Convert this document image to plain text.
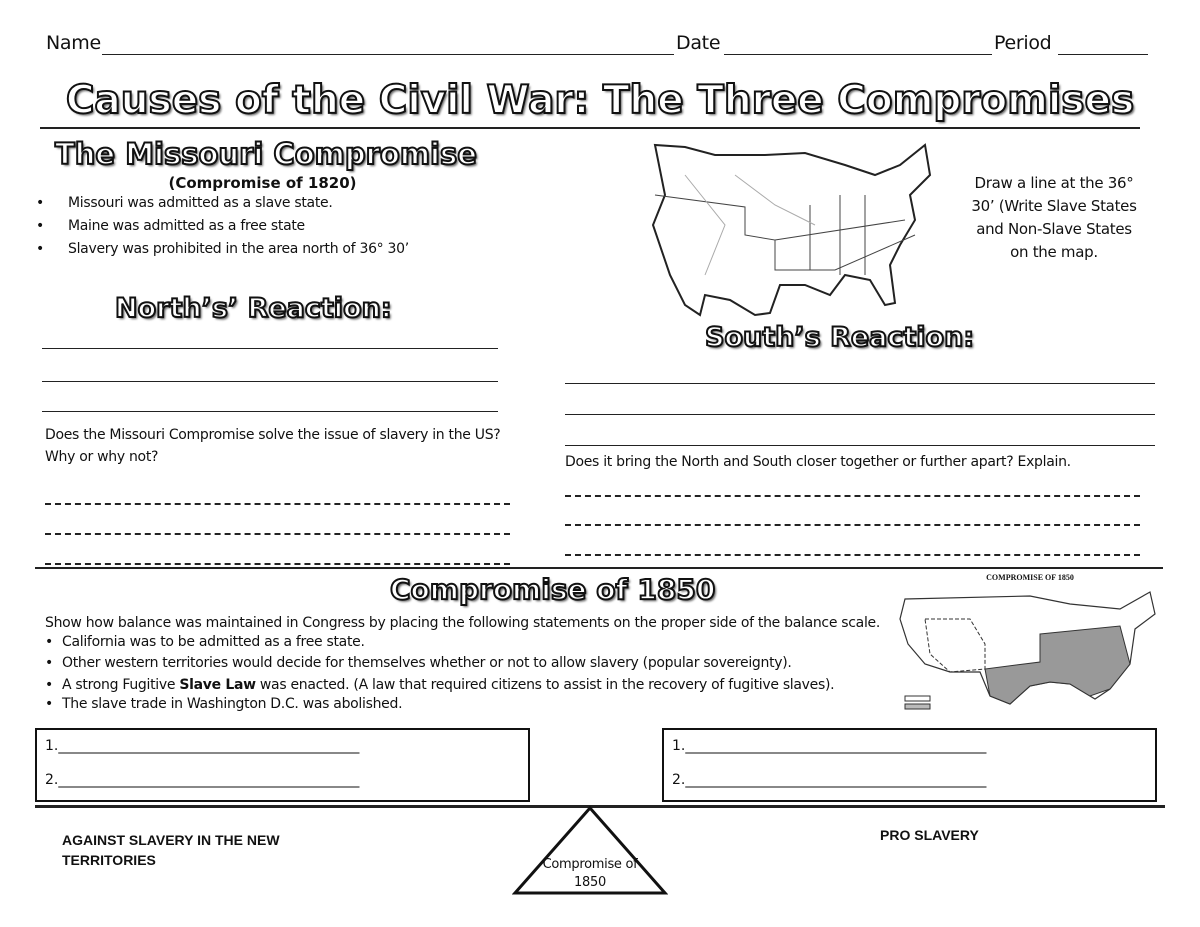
Name	Date	Period
Causes of the Civil War: The Three Compromises
The Missouri Compromise
(Compromise of 1820)
• Missouri was admitted as a slave state.
• Maine was admitted as a free state
• Slavery was prohibited in the area north of 36° 30’
Draw a line at the 36° 30’ (Write Slave States and Non-Slave States on the map.
North’s’ Reaction:
Does the Missouri Compromise solve the issue of slavery in the US? Why or why not?
South’s Reaction:
Does it bring the North and South closer together or further apart? Explain.
Compromise of 1850
Show how balance was maintained in Congress by placing the following statements on the proper side of the balance scale.
• California was to be admitted as a free state.
• Other western territories would decide for themselves whether or not to allow slavery (popular sovereignty).
• A strong Fugitive Slave Law was enacted. (A law that required citizens to assist in the recovery of fugitive slaves).
• The slave trade in Washington D.C. was abolished.
COMPROMISE OF 1850
1.___________________________________________
2.___________________________________________
1.___________________________________________
2.___________________________________________
Compromise of 1850
AGAINST SLAVERY IN THE NEW TERRITORIES
PRO SLAVERY
